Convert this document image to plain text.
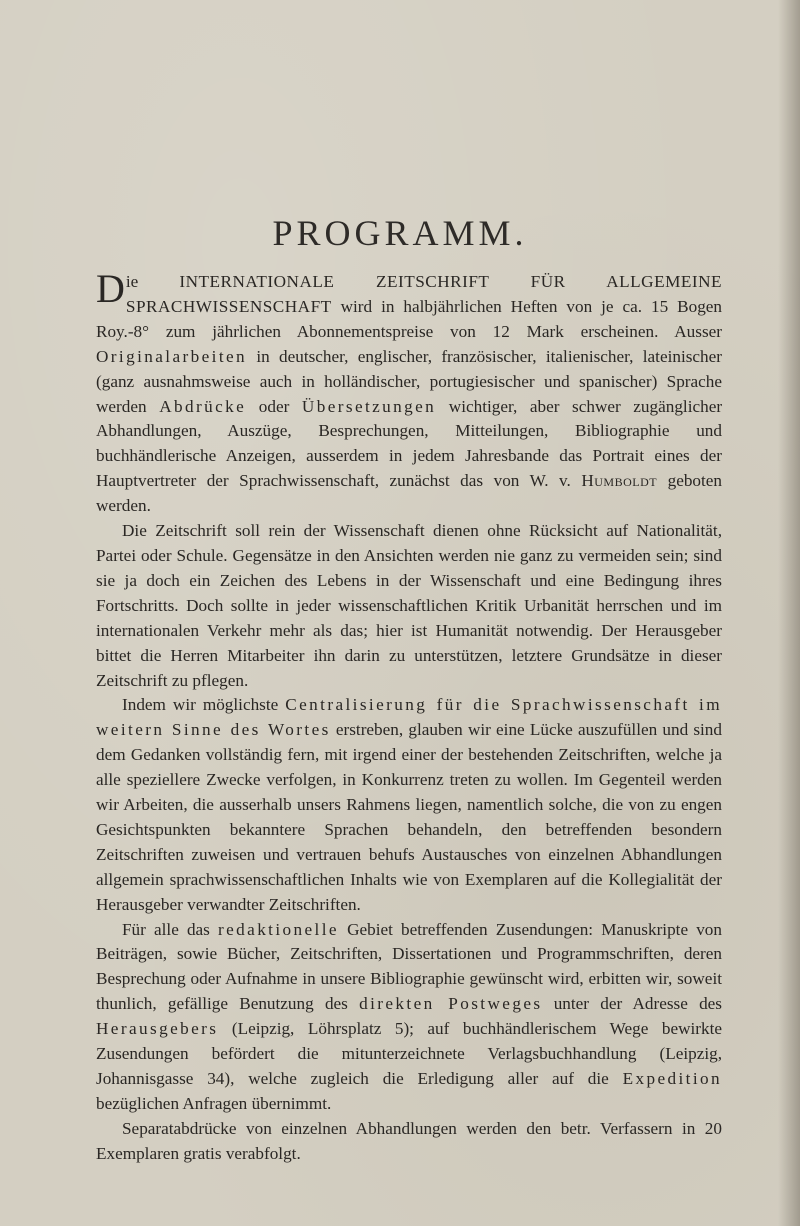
PROGRAMM.

Die INTERNATIONALE ZEITSCHRIFT FÜR ALLGEMEINE SPRACHWISSENSCHAFT wird in halbjährlichen Heften von je ca. 15 Bogen Roy.-8° zum jährlichen Abonnementspreise von 12 Mark erscheinen. Ausser Originalarbeiten in deutscher, englischer, französischer, italienischer, lateinischer (ganz ausnahmsweise auch in holländischer, portugiesischer und spanischer) Sprache werden Abdrücke oder Übersetzungen wichtiger, aber schwer zugänglicher Abhandlungen, Auszüge, Besprechungen, Mitteilungen, Bibliographie und buchhändlerische Anzeigen, ausserdem in jedem Jahresbande das Portrait eines der Hauptvertreter der Sprachwissenschaft, zunächst das von W. v. Humboldt geboten werden.

Die Zeitschrift soll rein der Wissenschaft dienen ohne Rücksicht auf Nationalität, Partei oder Schule. Gegensätze in den Ansichten werden nie ganz zu vermeiden sein; sind sie ja doch ein Zeichen des Lebens in der Wissenschaft und eine Bedingung ihres Fortschritts. Doch sollte in jeder wissenschaftlichen Kritik Urbanität herrschen und im internationalen Verkehr mehr als das; hier ist Humanität notwendig. Der Herausgeber bittet die Herren Mitarbeiter ihn darin zu unterstützen, letztere Grundsätze in dieser Zeitschrift zu pflegen.

Indem wir möglichste Centralisierung für die Sprachwissenschaft im weitern Sinne des Wortes erstreben, glauben wir eine Lücke auszufüllen und sind dem Gedanken vollständig fern, mit irgend einer der bestehenden Zeitschriften, welche ja alle speziellere Zwecke verfolgen, in Konkurrenz treten zu wollen. Im Gegenteil werden wir Arbeiten, die ausserhalb unsers Rahmens liegen, namentlich solche, die von zu engen Gesichtspunkten bekanntere Sprachen behandeln, den betreffenden besondern Zeitschriften zuweisen und vertrauen behufs Austausches von einzelnen Abhandlungen allgemein sprachwissenschaftlichen Inhalts wie von Exemplaren auf die Kollegialität der Herausgeber verwandter Zeitschriften.

Für alle das redaktionelle Gebiet betreffenden Zusendungen: Manuskripte von Beiträgen, sowie Bücher, Zeitschriften, Dissertationen und Programmschriften, deren Besprechung oder Aufnahme in unsere Bibliographie gewünscht wird, erbitten wir, soweit thunlich, gefällige Benutzung des direkten Postweges unter der Adresse des Herausgebers (Leipzig, Löhrsplatz 5); auf buchhändlerischem Wege bewirkte Zusendungen befördert die mitunterzeichnete Verlagsbuchhandlung (Leipzig, Johannisgasse 34), welche zugleich die Erledigung aller auf die Expedition bezüglichen Anfragen übernimmt.

Separatabdrücke von einzelnen Abhandlungen werden den betr. Verfassern in 20 Exemplaren gratis verabfolgt.
